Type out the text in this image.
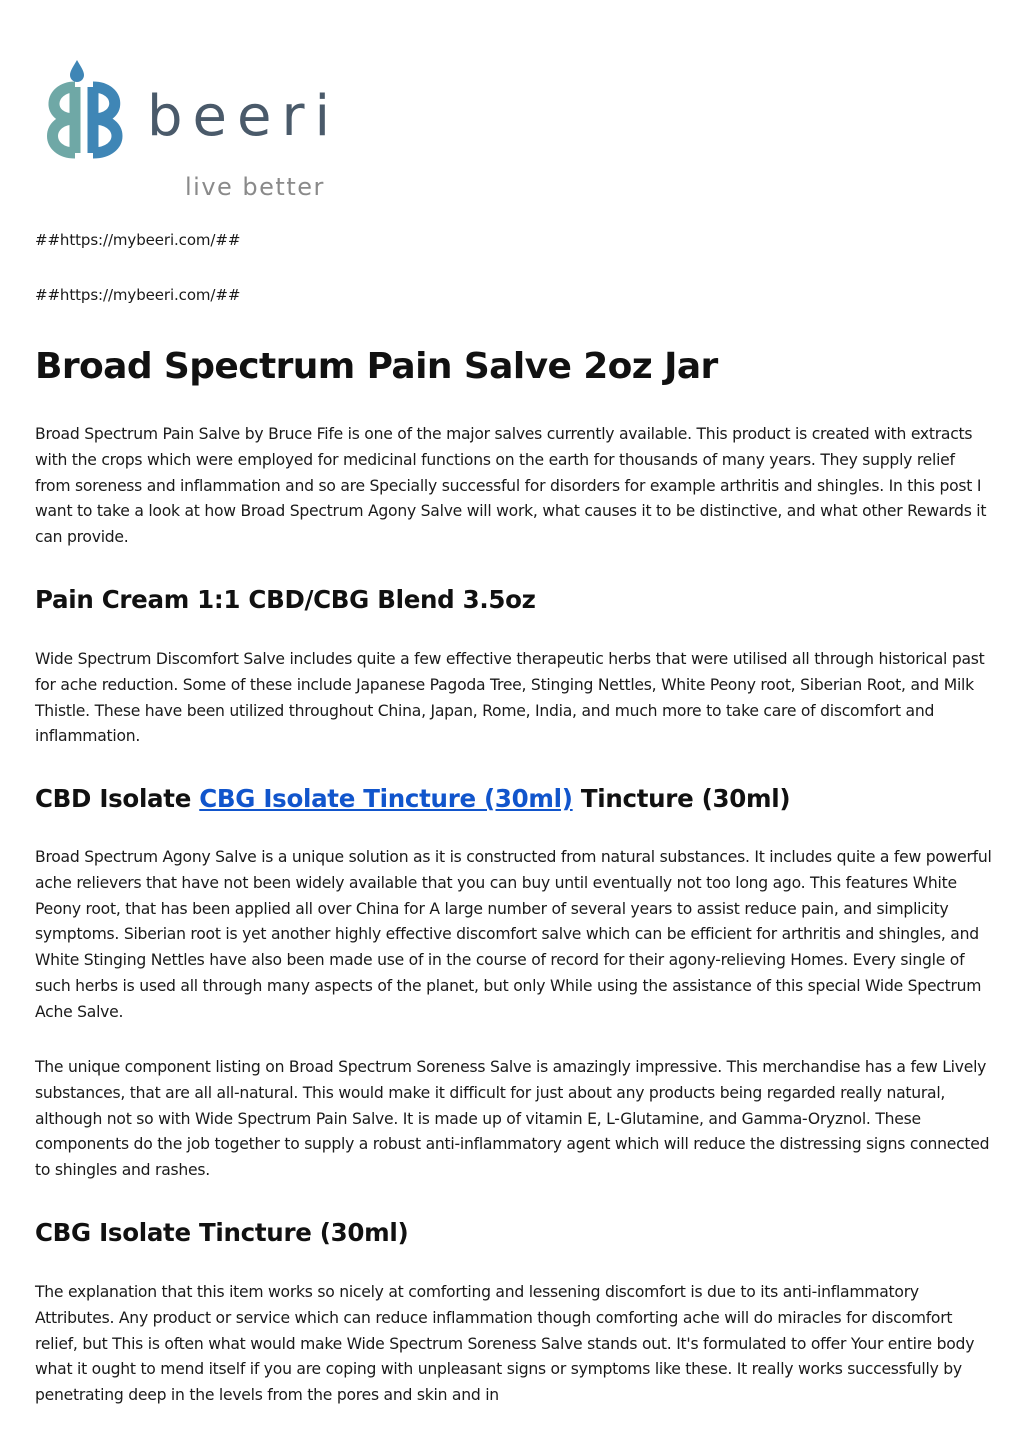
beeri
live better
##https://mybeeri.com/##
##https://mybeeri.com/##
Broad Spectrum Pain Salve 2oz Jar

Broad Spectrum Pain Salve by Bruce Fife is one of the major salves currently available. This product is created with extracts with the crops which were employed for medicinal functions on the earth for thousands of many years. They supply relief from soreness and inflammation and so are Specially successful for disorders for example arthritis and shingles. In this post I want to take a look at how Broad Spectrum Agony Salve will work, what causes it to be distinctive, and what other Rewards it can provide.

Pain Cream 1:1 CBD/CBG Blend 3.5oz

Wide Spectrum Discomfort Salve includes quite a few effective therapeutic herbs that were utilised all through historical past for ache reduction. Some of these include Japanese Pagoda Tree, Stinging Nettles, White Peony root, Siberian Root, and Milk Thistle. These have been utilized throughout China, Japan, Rome, India, and much more to take care of discomfort and inflammation.

CBD Isolate CBG Isolate Tincture (30ml) Tincture (30ml)

Broad Spectrum Agony Salve is a unique solution as it is constructed from natural substances. It includes quite a few powerful ache relievers that have not been widely available that you can buy until eventually not too long ago. This features White Peony root, that has been applied all over China for A large number of several years to assist reduce pain, and simplicity symptoms. Siberian root is yet another highly effective discomfort salve which can be efficient for arthritis and shingles, and White Stinging Nettles have also been made use of in the course of record for their agony-relieving Homes. Every single of such herbs is used all through many aspects of the planet, but only While using the assistance of this special Wide Spectrum Ache Salve.

The unique component listing on Broad Spectrum Soreness Salve is amazingly impressive. This merchandise has a few Lively substances, that are all all-natural. This would make it difficult for just about any products being regarded really natural, although not so with Wide Spectrum Pain Salve. It is made up of vitamin E, L-Glutamine, and Gamma-Oryznol. These components do the job together to supply a robust anti-inflammatory agent which will reduce the distressing signs connected to shingles and rashes.

CBG Isolate Tincture (30ml)

The explanation that this item works so nicely at comforting and lessening discomfort is due to its anti-inflammatory Attributes. Any product or service which can reduce inflammation though comforting ache will do miracles for discomfort relief, but This is often what would make Wide Spectrum Soreness Salve stands out. It's formulated to offer Your entire body what it ought to mend itself if you are coping with unpleasant signs or symptoms like these. It really works successfully by penetrating deep in the levels from the pores and skin and in
